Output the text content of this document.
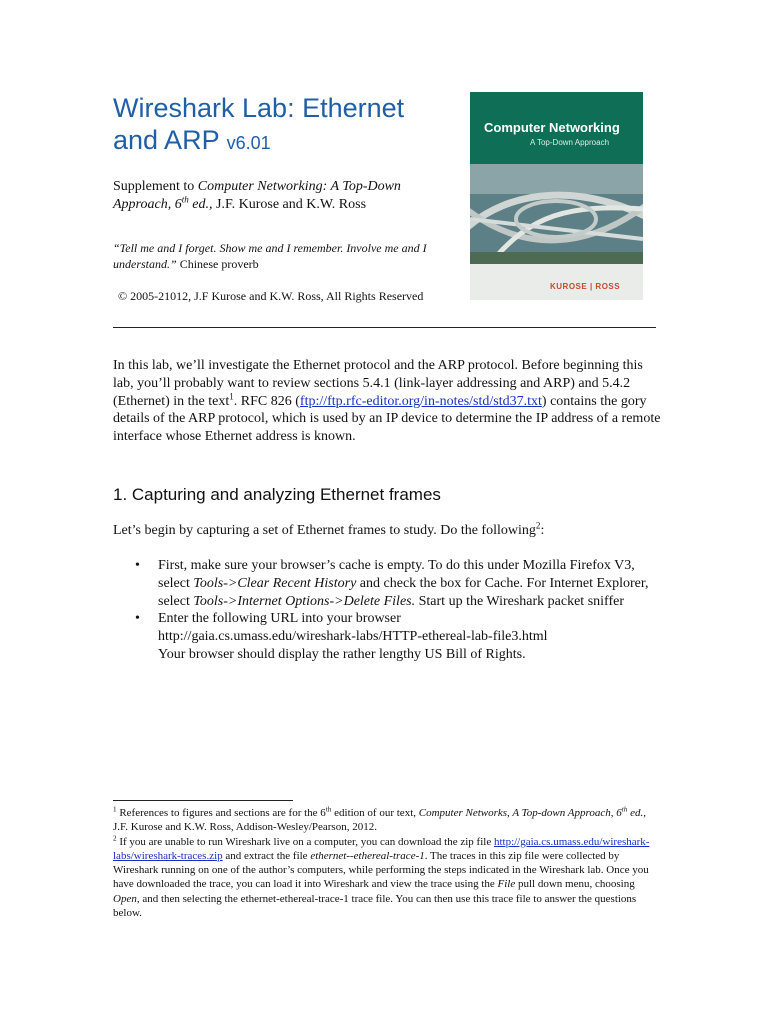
Wireshark Lab: Ethernet
and ARP v6.01
Computer Networking
A Top-Down Approach
KUROSE | ROSS

Supplement to Computer Networking: A Top-Down Approach, 6th ed., J.F. Kurose and K.W. Ross

“Tell me and I forget. Show me and I remember. Involve me and I understand.” Chinese proverb

© 2005-21012, J.F Kurose and K.W. Ross, All Rights Reserved

In this lab, we’ll investigate the Ethernet protocol and the ARP protocol. Before beginning this lab, you’ll probably want to review sections 5.4.1 (link-layer addressing and ARP) and 5.4.2 (Ethernet) in the text$^1$. RFC 826 (ftp://ftp.rfc-editor.org/in-notes/std/std37.txt) contains the gory details of the ARP protocol, which is used by an IP device to determine the IP address of a remote interface whose Ethernet address is known.

1. Capturing and analyzing Ethernet frames

Let’s begin by capturing a set of Ethernet frames to study. Do the following$^2$:

• First, make sure your browser’s cache is empty. To do this under Mozilla Firefox V3, select Tools->Clear Recent History and check the box for Cache. For Internet Explorer, select Tools->Internet Options->Delete Files. Start up the Wireshark packet sniffer
• Enter the following URL into your browser
http://gaia.cs.umass.edu/wireshark-labs/HTTP-ethereal-lab-file3.html
Your browser should display the rather lengthy US Bill of Rights.
$^1$ References to figures and sections are for the 6th edition of our text, Computer Networks, A Top-down Approach, 6th ed., J.F. Kurose and K.W. Ross, Addison-Wesley/Pearson, 2012.
$^2$ If you are unable to run Wireshark live on a computer, you can download the zip file http://gaia.cs.umass.edu/wireshark-labs/wireshark-traces.zip and extract the file ethernet--ethereal-trace-1. The traces in this zip file were collected by Wireshark running on one of the author’s computers, while performing the steps indicated in the Wireshark lab. Once you have downloaded the trace, you can load it into Wireshark and view the trace using the File pull down menu, choosing Open, and then selecting the ethernet-ethereal-trace-1 trace file. You can then use this trace file to answer the questions below.
